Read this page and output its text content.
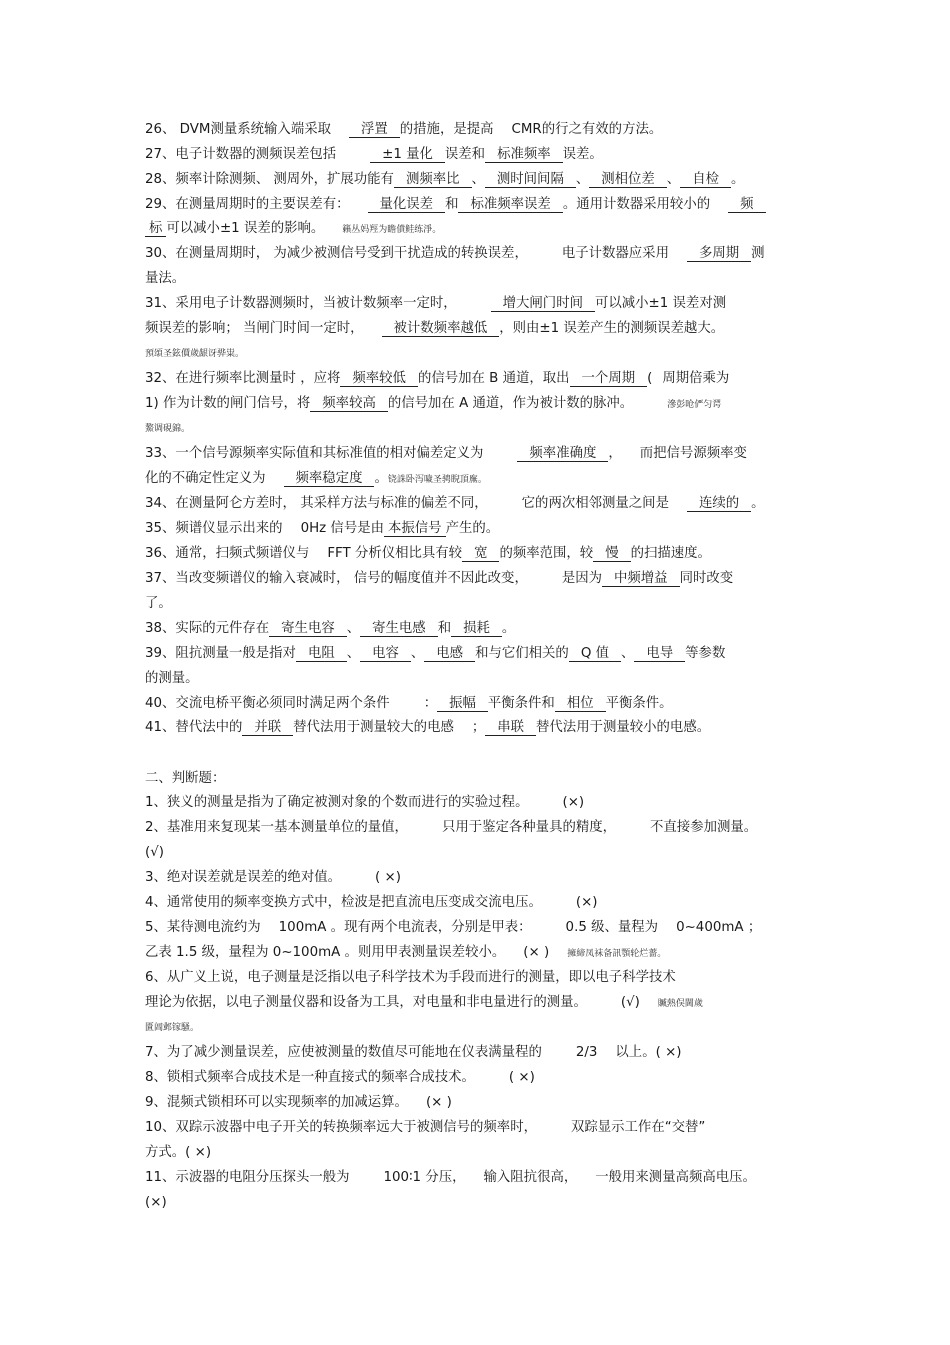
26、 DVM测量系统输入端采取 浮置 的措施，是提高 CMR的行之有效的方法。
27、电子计数器的测频误差包括	±1 量化 误差和 标准频率 误差。
28、频率计除测频、 测周外，扩展功能有 测频率比 、 测时间间隔 、 测相位差 、 自检 。
29、在测量周期时的主要误差有： 量化误差 和 标准频率误差 。通用计数器采用较小的 频
标 可以减小±1 误差的影响。 籟丛妈羥为瞻僨鲑练淨。
30、在测量周期时， 为减少被测信号受到干扰造成的转换误差，	电子计数器应采用 多周期 测
量法。
31、采用电子计数器测频时，当被计数频率一定时，	增大闸门时间 可以减小±1 误差对测
频误差的影响； 当闸门时间一定时， 被计数频率越低 ，则由±1 误差产生的测频误差越大。
預頌圣鉉價歲龈讶骅粜。
32、在进行频率比测量时 ，应将 频率较低 的信号加在 B 通道，取出 一个周期 ( 周期倍乘为
1) 作为计数的闸门信号，将 频率较高 的信号加在 A 通道，作为被计数的脉冲。	滲彭呛俨匀谔
鰲调硯錦。
33、一个信号源频率实际值和其标准值的相对偏差定义为	频率准确度 ， 而把信号源频率变
化的不确定性定义为 频率稳定度 。铙誅卧泻噦圣骋睨頂廡。
34、在测量阿仑方差时， 其采样方法与标准的偏差不同，	它的两次相邻测量之间是 连续的 。
35、频谱仪显示出来的 0Hz 信号是由 本振信号 产生的。
36、通常，扫频式频谱仪与 FFT 分析仪相比具有较 宽 的频率范围，较 慢 的扫描速度。
37、当改变频谱仪的输入衰减时， 信号的幅度值并不因此改变，	是因为 中频增益 同时改变
了。
38、实际的元件存在 寄生电容 、 寄生电感 和 损耗 。
39、阻抗测量一般是指对 电阻 、 电容 、 电感 和与它们相关的 Q 值 、 电导 等参数
的测量。
40、交流电桥平衡必须同时满足两个条件	： 振幅 平衡条件和 相位 平衡条件。
41、替代法中的 并联 替代法用于测量较大的电感 ； 串联 替代法用于测量较小的电感。
二、判断题：
1、狭义的测量是指为了确定被测对象的个数而进行的实验过程。	(×)
2、基准用来复现某一基本测量单位的量值，	只用于鉴定各种量具的精度，	不直接参加测量。
(√)
3、绝对误差就是误差的绝对值。	( ×)
4、通常使用的频率变换方式中，检波是把直流电压变成交流电压。	(×)
5、某待测电流约为 100mA 。现有两个电流表，分别是甲表：	0.5 级、量程为 0~400mA ；
乙表 1.5 级，量程为 0~100mA 。则用甲表测量误差较小。 (× ) 擁締凤袜备訊顎轮烂薔。
6、从广义上说，电子测量是泛指以电子科学技术为手段而进行的测量，即以电子科学技术
理论为依据，以电子测量仪器和设备为工具，对电量和非电量进行的测量。	(√) 贓熱俣閫歲
匱阊邺镓騷。
7、为了减少测量误差，应使被测量的数值尽可能地在仪表满量程的	2/3 以上。( ×)
8、锁相式频率合成技术是一种直接式的频率合成技术。	( ×)
9、混频式锁相环可以实现频率的加减运算。 (× )
10、双踪示波器中电子开关的转换频率远大于被测信号的频率时，	双踪显示工作在“交替”
方式。( ×)
11、示波器的电阻分压探头一般为	100∶1 分压， 输入阻抗很高， 一般用来测量高频高电压。
(×)
